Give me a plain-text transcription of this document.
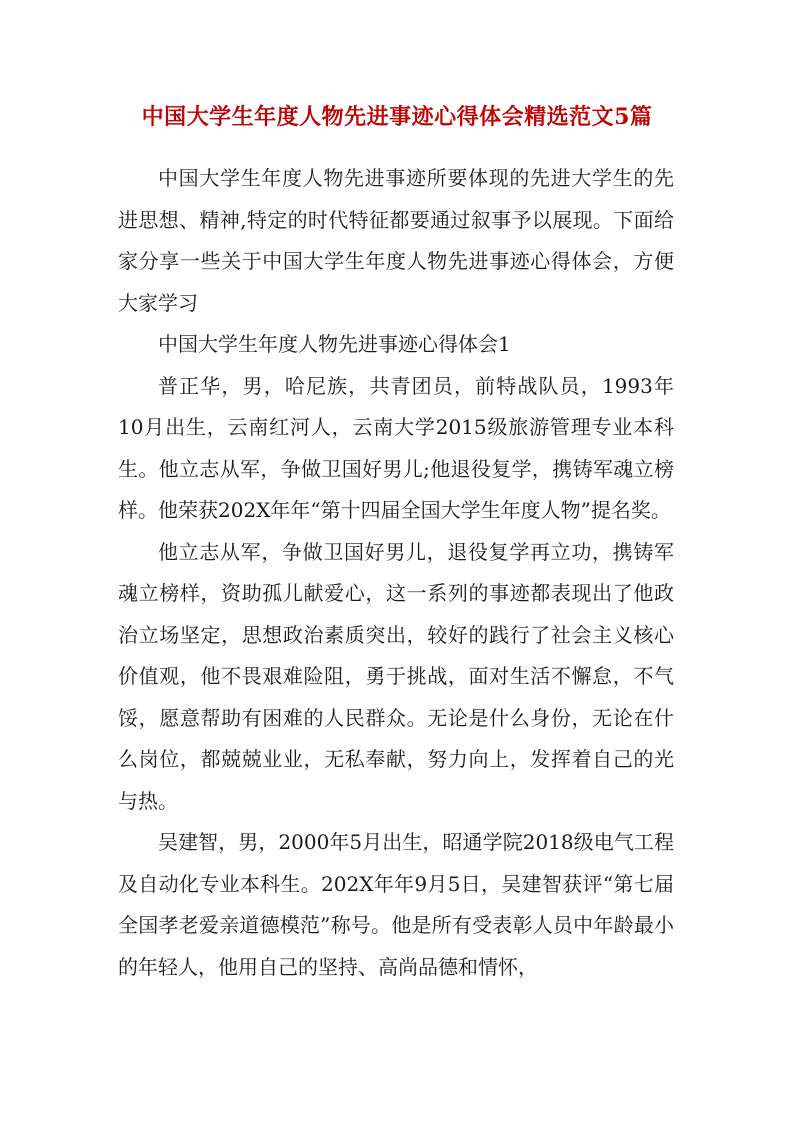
中国大学生年度人物先进事迹心得体会精选范文5篇

中国大学生年度人物先进事迹所要体现的先进大学生的先进思想、精神,特定的时代特征都要通过叙事予以展现。下面给家分享一些关于中国大学生年度人物先进事迹心得体会，方便大家学习

中国大学生年度人物先进事迹心得体会1

普正华，男，哈尼族，共青团员，前特战队员，1993年10月出生，云南红河人，云南大学2015级旅游管理专业本科生。他立志从军，争做卫国好男儿;他退役复学，携铸军魂立榜样。他荣获202X年年“第十四届全国大学生年度人物”提名奖。

他立志从军，争做卫国好男儿，退役复学再立功，携铸军魂立榜样，资助孤儿献爱心，这一系列的事迹都表现出了他政治立场坚定，思想政治素质突出，较好的践行了社会主义核心价值观，他不畏艰难险阻，勇于挑战，面对生活不懈怠，不气馁，愿意帮助有困难的人民群众。无论是什么身份，无论在什么岗位，都兢兢业业，无私奉献，努力向上，发挥着自己的光与热。

吴建智，男，2000年5月出生，昭通学院2018级电气工程及自动化专业本科生。202X年年9月5日，吴建智获评“第七届全国孝老爱亲道德模范”称号。他是所有受表彰人员中年龄最小的年轻人，他用自己的坚持、高尚品德和情怀，
